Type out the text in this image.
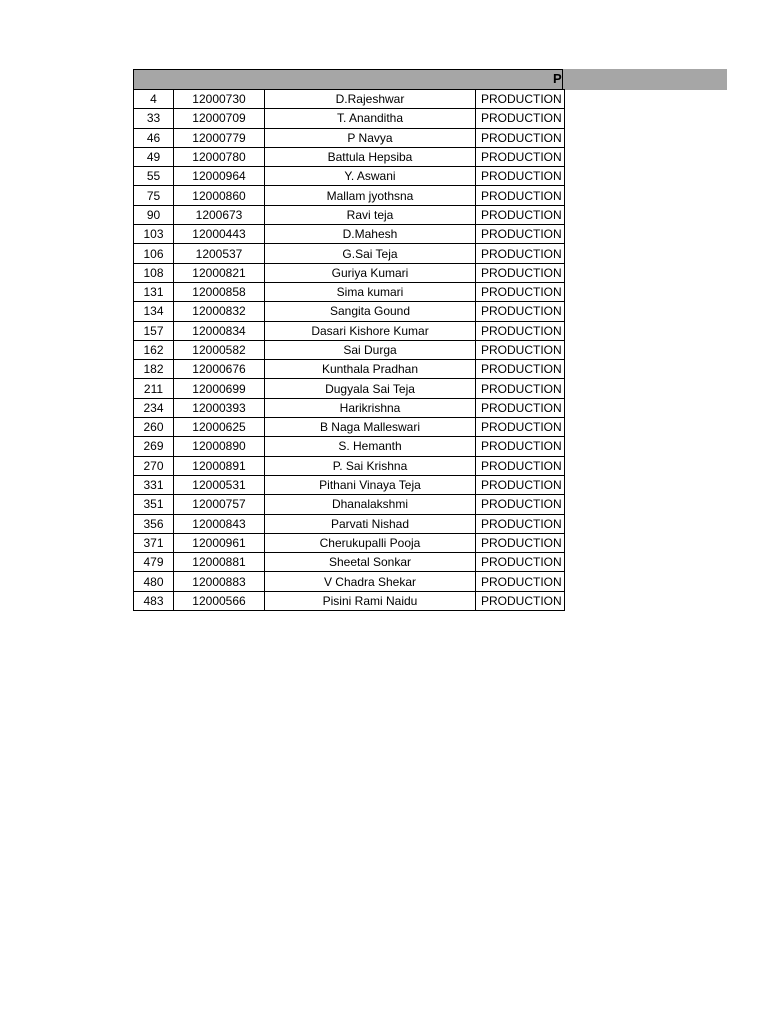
P
4	12000730	D.Rajeshwar	PRODUCTION
33	12000709	T. Ananditha	PRODUCTION
46	12000779	P Navya	PRODUCTION
49	12000780	Battula Hepsiba	PRODUCTION
55	12000964	Y. Aswani	PRODUCTION
75	12000860	Mallam jyothsna	PRODUCTION
90	1200673	Ravi teja	PRODUCTION
103	12000443	D.Mahesh	PRODUCTION
106	1200537	G.Sai Teja	PRODUCTION
108	12000821	Guriya Kumari	PRODUCTION
131	12000858	Sima kumari	PRODUCTION
134	12000832	Sangita Gound	PRODUCTION
157	12000834	Dasari Kishore Kumar	PRODUCTION
162	12000582	Sai Durga	PRODUCTION
182	12000676	Kunthala Pradhan	PRODUCTION
211	12000699	Dugyala Sai Teja	PRODUCTION
234	12000393	Harikrishna	PRODUCTION
260	12000625	B Naga Malleswari	PRODUCTION
269	12000890	S. Hemanth	PRODUCTION
270	12000891	P. Sai Krishna	PRODUCTION
331	12000531	Pithani Vinaya Teja	PRODUCTION
351	12000757	Dhanalakshmi	PRODUCTION
356	12000843	Parvati Nishad	PRODUCTION
371	12000961	Cherukupalli Pooja	PRODUCTION
479	12000881	Sheetal Sonkar	PRODUCTION
480	12000883	V Chadra Shekar	PRODUCTION
483	12000566	Pisini Rami Naidu	PRODUCTION
